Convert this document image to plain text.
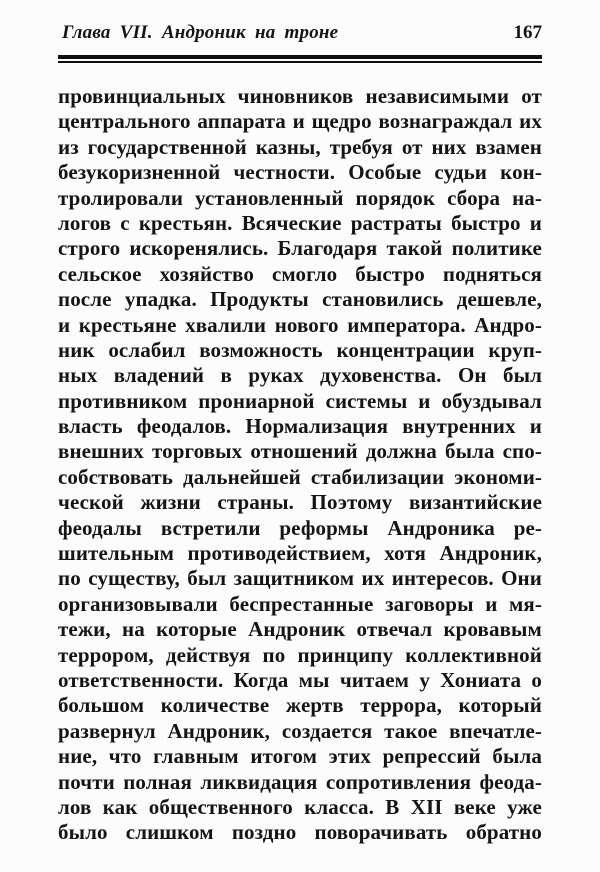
Глава VII. Андроник на троне	167
провинциальных чиновников независимыми от
центрального аппарата и щедро вознаграждал их
из государственной казны, требуя от них взамен
безукоризненной честности. Особые судьи кон-
тролировали установленный порядок сбора на-
логов с крестьян. Всяческие растраты быстро и
строго искоренялись. Благодаря такой политике
сельское хозяйство смогло быстро подняться
после упадка. Продукты становились дешевле,
и крестьяне хвалили нового императора. Андро-
ник ослабил возможность концентрации круп-
ных владений в руках духовенства. Он был
противником прониарной системы и обуздывал
власть феодалов. Нормализация внутренних и
внешних торговых отношений должна была спо-
собствовать дальнейшей стабилизации экономи-
ческой жизни страны. Поэтому византийские
феодалы встретили реформы Андроника ре-
шительным противодействием, хотя Андроник,
по существу, был защитником их интересов. Они
организовывали беспрестанные заговоры и мя-
тежи, на которые Андроник отвечал кровавым
террором, действуя по принципу коллективной
ответственности. Когда мы читаем у Хониата о
большом количестве жертв террора, который
развернул Андроник, создается такое впечатле-
ние, что главным итогом этих репрессий была
почти полная ликвидация сопротивления феода-
лов как общественного класса. В XII веке уже
было слишком поздно поворачивать обратно
